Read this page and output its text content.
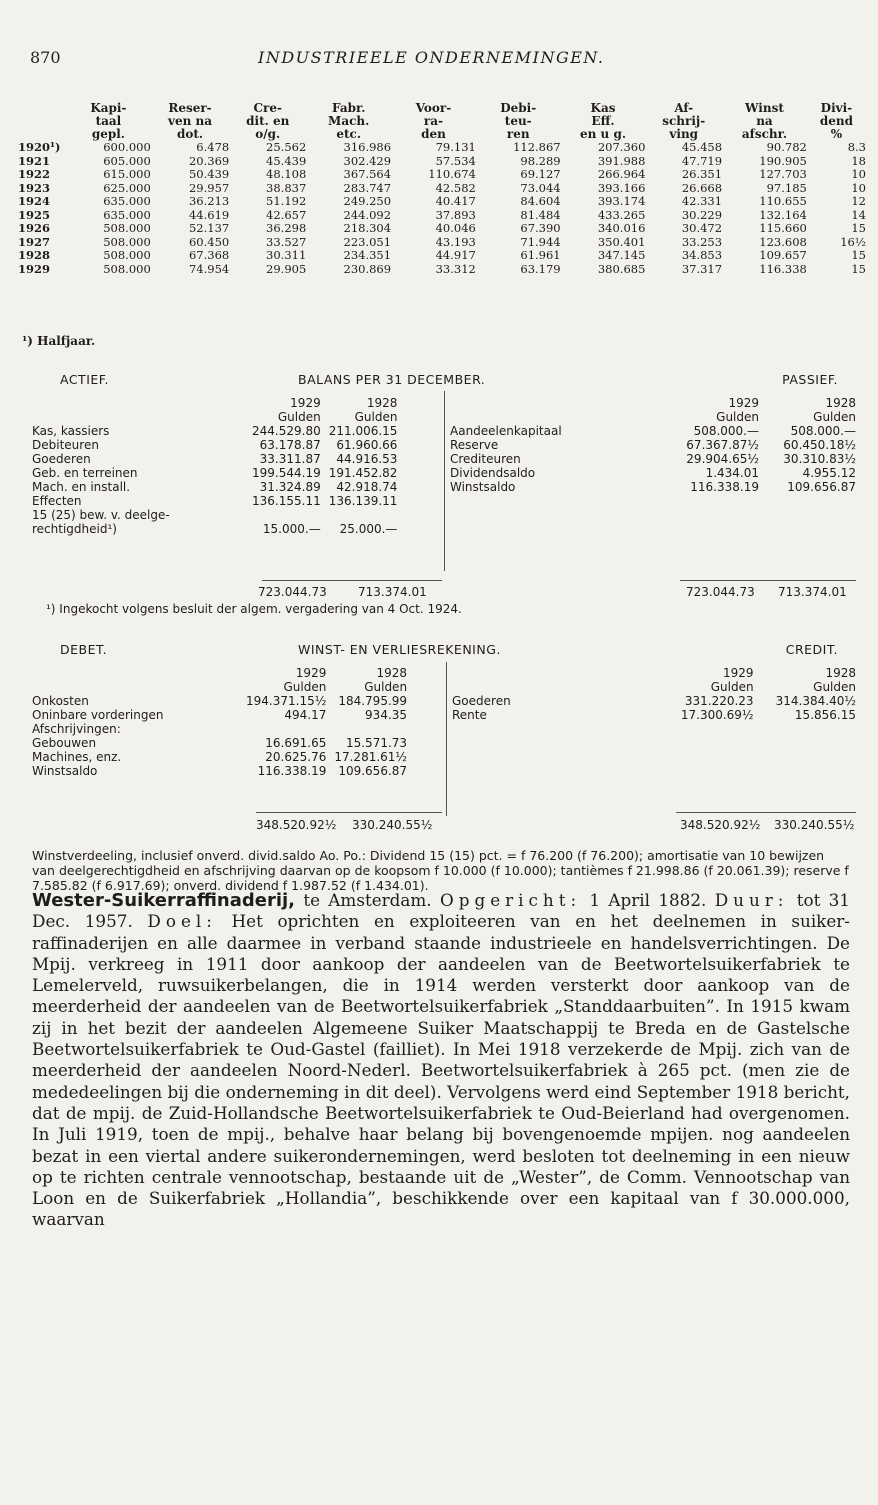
870	INDUSTRIEELE ONDERNEMINGEN.
	Kapi-
taal
gepl.	Reser-
ven na
dot.	Cre-
dit. en
o/g.	Fabr.
Mach.
etc.	Voor-
ra-
den	Debi-
teu-
ren	Kas
Eff.
en u g.	Af-
schrij-
ving	Winst
na
afschr.	Divi-
dend
%
1920¹)	600.000	6.478	25.562	316.986	79.131	112.867	207.360	45.458	90.782	8.3
1921	605.000	20.369	45.439	302.429	57.534	98.289	391.988	47.719	190.905	18
1922	615.000	50.439	48.108	367.564	110.674	69.127	266.964	26.351	127.703	10
1923	625.000	29.957	38.837	283.747	42.582	73.044	393.166	26.668	97.185	10
1924	635.000	36.213	51.192	249.250	40.417	84.604	393.174	42.331	110.655	12
1925	635.000	44.619	42.657	244.092	37.893	81.484	433.265	30.229	132.164	14
1926	508.000	52.137	36.298	218.304	40.046	67.390	340.016	30.472	115.660	15
1927	508.000	60.450	33.527	223.051	43.193	71.944	350.401	33.253	123.608	16½
1928	508.000	67.368	30.311	234.351	44.917	61.961	347.145	34.853	109.657	15
1929	508.000	74.954	29.905	230.869	33.312	63.179	380.685	37.317	116.338	15
¹) Halfjaar.
ACTIEF.	BALANS PER 31 DECEMBER.	PASSIEF.
	1929	1928
	Gulden	Gulden
Kas, kassiers	244.529.80	211.006.15
Debiteuren	63.178.87	61.960.66
Goederen	33.311.87	44.916.53
Geb. en terreinen	199.544.19	191.452.82
Mach. en install.	31.324.89	42.918.74
Effecten	136.155.11	136.139.11
15 (25) bew. v. deelge-		
rechtigdheid¹)	15.000.—	25.000.—
	1929	1928
	Gulden	Gulden
Aandeelenkapitaal	508.000.—	508.000.—
Reserve	67.367.87½	60.450.18½
Crediteuren	29.904.65½	30.310.83½
Dividendsaldo	1.434.01	4.955.12
Winstsaldo	116.338.19	109.656.87
723.044.73	713.374.01	723.044.73 713.374.01
¹) Ingekocht volgens besluit der algem. vergadering van 4 Oct. 1924.
DEBET.	WINST- EN VERLIESREKENING.	CREDIT.
	1929	1928
	Gulden	Gulden
Onkosten	194.371.15½	184.795.99
Oninbare vorderingen	494.17	934.35
Afschrijvingen:		
Gebouwen	16.691.65	15.571.73
Machines, enz.	20.625.76	17.281.61½
Winstsaldo	116.338.19	109.656.87
	1929	1928
	Gulden	Gulden
Goederen	331.220.23	314.384.40½
Rente	17.300.69½	15.856.15
348.520.92½ 330.240.55½	348.520.92½ 330.240.55½
Winstverdeeling, inclusief onverd. divid.saldo Ao. Po.: Dividend 15 (15) pct. = f 76.200 (f 76.200); amortisatie van 10 bewijzen van deelgerechtigdheid en afschrijving daarvan op de koopsom f 10.000 (f 10.000); tantièmes f 21.998.86 (f 20.061.39); reserve f 7.585.82 (f 6.917.69); onverd. dividend f 1.987.52 (f 1.434.01).
Wester-Suikerraffinaderij, te Amsterdam. Opgericht: 1 April 1882. Duur: tot 31 Dec. 1957. Doel: Het oprichten en exploiteeren van en het deelnemen in suiker-raffinaderijen en alle daarmee in verband staande industrieele en handelsverrichtingen. De Mpij. verkreeg in 1911 door aankoop der aandeelen van de Beetwortelsuikerfabriek te Lemelerveld, ruwsuikerbelangen, die in 1914 werden versterkt door aankoop van de meerderheid der aandeelen van de Beetwortelsuikerfabriek „Standdaarbuiten”. In 1915 kwam zij in het bezit der aandeelen Algemeene Suiker Maatschappij te Breda en de Gastelsche Beetwortelsuikerfabriek te Oud-Gastel (failliet). In Mei 1918 verzekerde de Mpij. zich van de meerderheid der aandeelen Noord-Nederl. Beetwortelsuikerfabriek à 265 pct. (men zie de mededeelingen bij die onderneming in dit deel). Vervolgens werd eind September 1918 bericht, dat de mpij. de Zuid-Hollandsche Beetwortelsuikerfabriek te Oud-Beierland had overgenomen. In Juli 1919, toen de mpij., behalve haar belang bij bovengenoemde mpijen. nog aandeelen bezat in een viertal andere suikerondernemingen, werd besloten tot deelneming in een nieuw op te richten centrale vennootschap, bestaande uit de „Wester”, de Comm. Vennootschap van Loon en de Suikerfabriek „Hollandia”, beschikkende over een kapitaal van f 30.000.000, waarvan
